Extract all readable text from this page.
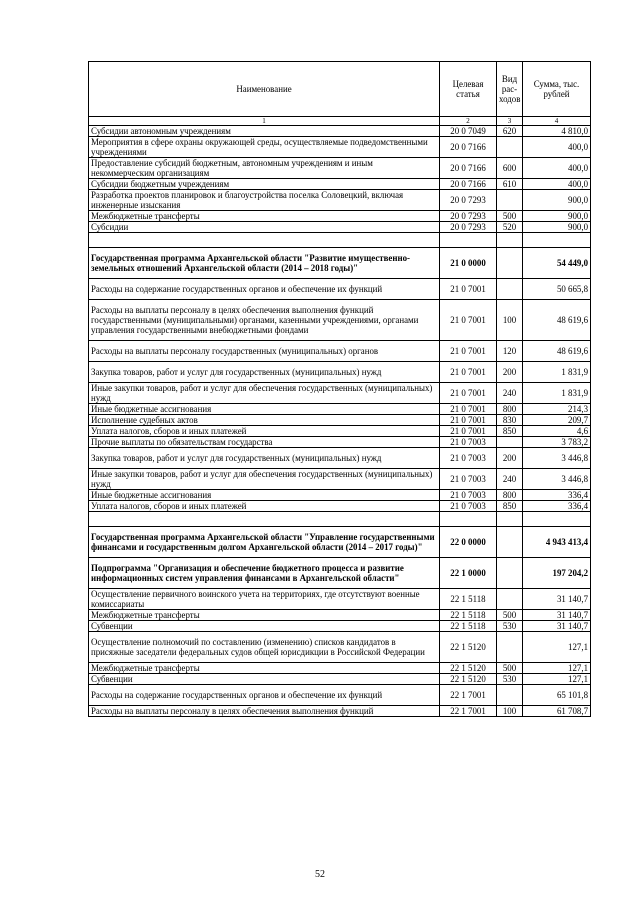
Наименование	Целевая статья	Вид рас-ходов	Сумма, тыс. рублей
1	2	3	4
Субсидии автономным учреждениям	20 0 7049	620	4 810,0
Мероприятия в сфере охраны окружающей среды, осуществляемые подведомственными учреждениями	20 0 7166		400,0
Предоставление субсидий бюджетным, автономным учреждениям и иным некоммерческим организациям	20 0 7166	600	400,0
Субсидии бюджетным учреждениям	20 0 7166	610	400,0
Разработка проектов планировок и благоустройства поселка Соловецкий, включая инженерные изыскания	20 0 7293		900,0
Межбюджетные трансферты	20 0 7293	500	900,0
Субсидии	20 0 7293	520	900,0

Государственная программа Архангельской области "Развитие имущественно-земельных отношений Архангельской области (2014 – 2018 годы)"	21 0 0000		54 449,0
Расходы на содержание государственных органов и обеспечение их функций	21 0 7001		50 665,8
Расходы на выплаты персоналу в целях обеспечения выполнения функций государственными (муниципальными) органами, казенными учреждениями, органами управления государственными внебюджетными фондами	21 0 7001	100	48 619,6
Расходы на выплаты персоналу государственных (муниципальных) органов	21 0 7001	120	48 619,6
Закупка товаров, работ и услуг для государственных (муниципальных) нужд	21 0 7001	200	1 831,9
Иные закупки товаров, работ и услуг для обеспечения государственных (муниципальных) нужд	21 0 7001	240	1 831,9
Иные бюджетные ассигнования	21 0 7001	800	214,3
Исполнение судебных актов	21 0 7001	830	209,7
Уплата налогов, сборов и иных платежей	21 0 7001	850	4,6
Прочие выплаты по обязательствам государства	21 0 7003		3 783,2
Закупка товаров, работ и услуг для государственных (муниципальных) нужд	21 0 7003	200	3 446,8
Иные закупки товаров, работ и услуг для обеспечения государственных (муниципальных) нужд	21 0 7003	240	3 446,8
Иные бюджетные ассигнования	21 0 7003	800	336,4
Уплата налогов, сборов и иных платежей	21 0 7003	850	336,4

Государственная программа Архангельской области "Управление государственными финансами и государственным долгом Архангельской области (2014 – 2017 годы)"	22 0 0000		4 943 413,4
Подпрограмма "Организация и обеспечение бюджетного процесса и развитие информационных систем управления финансами в Архангельской области"	22 1 0000		197 204,2
Осуществление первичного воинского учета на территориях, где отсутствуют военные комиссариаты	22 1 5118		31 140,7
Межбюджетные трансферты	22 1 5118	500	31 140,7
Субвенции	22 1 5118	530	31 140,7
Осуществление полномочий по составлению (изменению) списков кандидатов в присяжные заседатели федеральных судов общей юрисдикции в Российской Федерации	22 1 5120		127,1
Межбюджетные трансферты	22 1 5120	500	127,1
Субвенции	22 1 5120	530	127,1
Расходы на содержание государственных органов и обеспечение их функций	22 1 7001		65 101,8
Расходы на выплаты персоналу в целях обеспечения выполнения функций	22 1 7001	100	61 708,7
52
